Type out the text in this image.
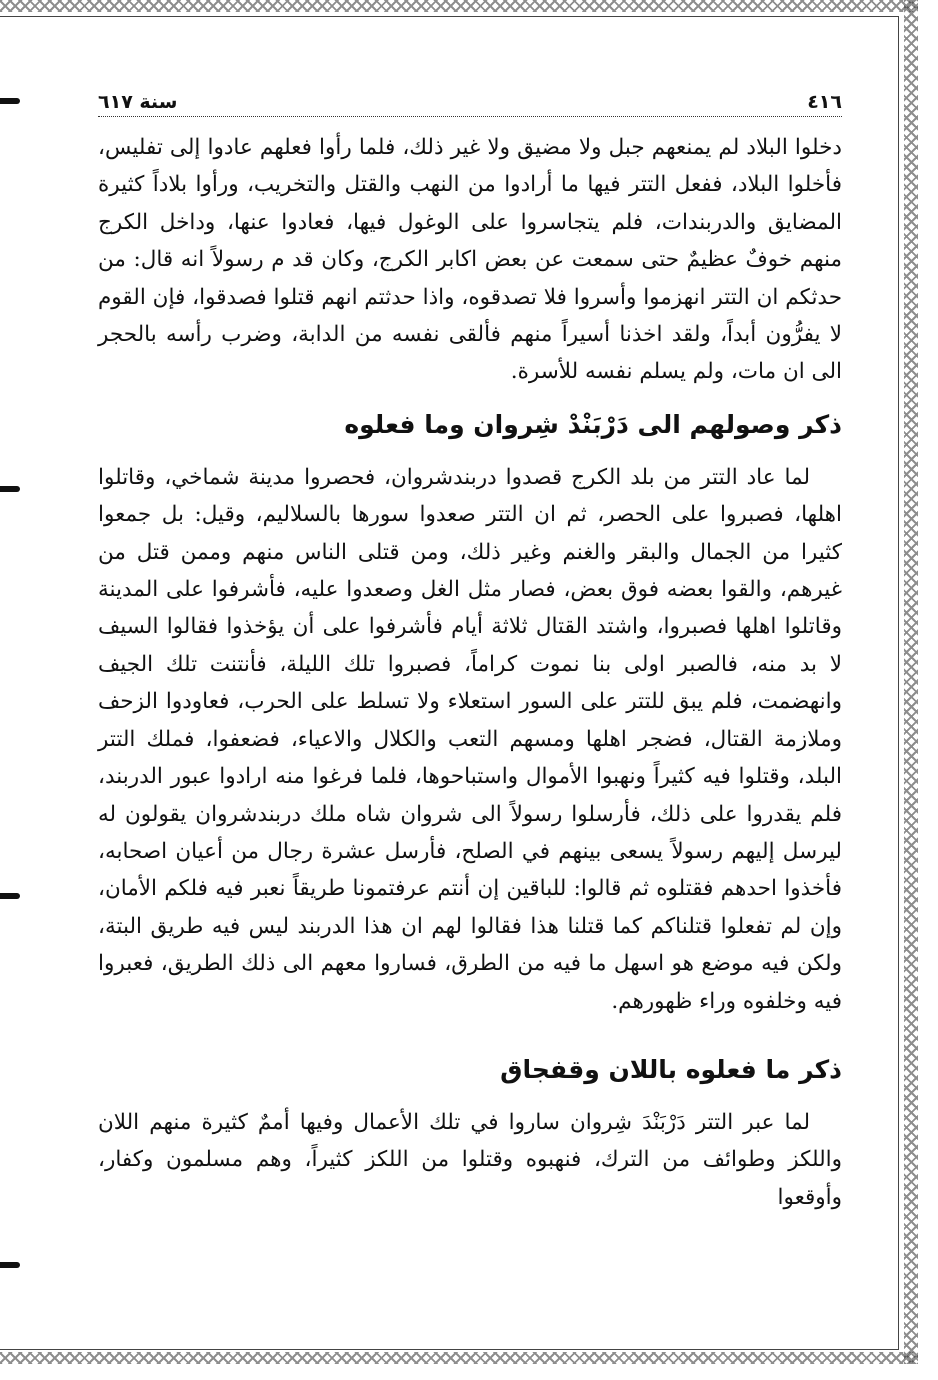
٤١٦
سنة ٦١٧

دخلوا البلاد لم يمنعهم جبل ولا مضيق ولا غير ذلك، فلما رأوا فعلهم عادوا إلى تفليس، فأخلوا البلاد، ففعل التتر فيها ما أرادوا من النهب والقتل والتخريب، ورأوا بلاداً كثيرة المضايق والدربندات، فلم يتجاسروا على الوغول فيها، فعادوا عنها، وداخل الكرج منهم خوفٌ عظيمٌ حتى سمعت عن بعض اكابر الكرج، وكان قد م رسولاً انه قال: من حدثكم ان التتر انهزموا وأسروا فلا تصدقوه، واذا حدثتم انهم قتلوا فصدقوا، فإن القوم لا يفرُّون أبداً، ولقد اخذنا أسيراً منهم فألقى نفسه من الدابة، وضرب رأسه بالحجر الى ان مات، ولم يسلم نفسه للأسرة.

ذكر وصولهم الى دَرْبَنْدْ شِروان وما فعلوه

لما عاد التتر من بلد الكرج قصدوا دربندشروان، فحصروا مدينة شماخي، وقاتلوا اهلها، فصبروا على الحصر، ثم ان التتر صعدوا سورها بالسلاليم، وقيل: بل جمعوا كثيرا من الجمال والبقر والغنم وغير ذلك، ومن قتلى الناس منهم وممن قتل من غيرهم، والقوا بعضه فوق بعض، فصار مثل الغل وصعدوا عليه، فأشرفوا على المدينة وقاتلوا اهلها فصبروا، واشتد القتال ثلاثة أيام فأشرفوا على أن يؤخذوا فقالوا السيف لا بد منه، فالصبر اولى بنا نموت كراماً، فصبروا تلك الليلة، فأنتنت تلك الجيف وانهضمت، فلم يبق للتتر على السور استعلاء ولا تسلط على الحرب، فعاودوا الزحف وملازمة القتال، فضجر اهلها ومسهم التعب والكلال والاعياء، فضعفوا، فملك التتر البلد، وقتلوا فيه كثيراً ونهبوا الأموال واستباحوها، فلما فرغوا منه ارادوا عبور الدربند، فلم يقدروا على ذلك، فأرسلوا رسولاً الى شروان شاه ملك دربندشروان يقولون له ليرسل إليهم رسولاً يسعى بينهم في الصلح، فأرسل عشرة رجال من أعيان اصحابه، فأخذوا احدهم فقتلوه ثم قالوا: للباقين إن أنتم عرفتمونا طريقاً نعبر فيه فلكم الأمان، وإن لم تفعلوا قتلناكم كما قتلنا هذا فقالوا لهم ان هذا الدربند ليس فيه طريق البتة، ولكن فيه موضع هو اسهل ما فيه من الطرق، فساروا معهم الى ذلك الطريق، فعبروا فيه وخلفوه وراء ظهورهم.

ذكر ما فعلوه باللان وقفجاق

لما عبر التتر دَرْبَنْدَ شِروان ساروا في تلك الأعمال وفيها أممٌ كثيرة منهم اللان واللكز وطوائف من الترك، فنهبوه وقتلوا من اللكز كثيراً، وهم مسلمون وكفار، وأوقعوا
